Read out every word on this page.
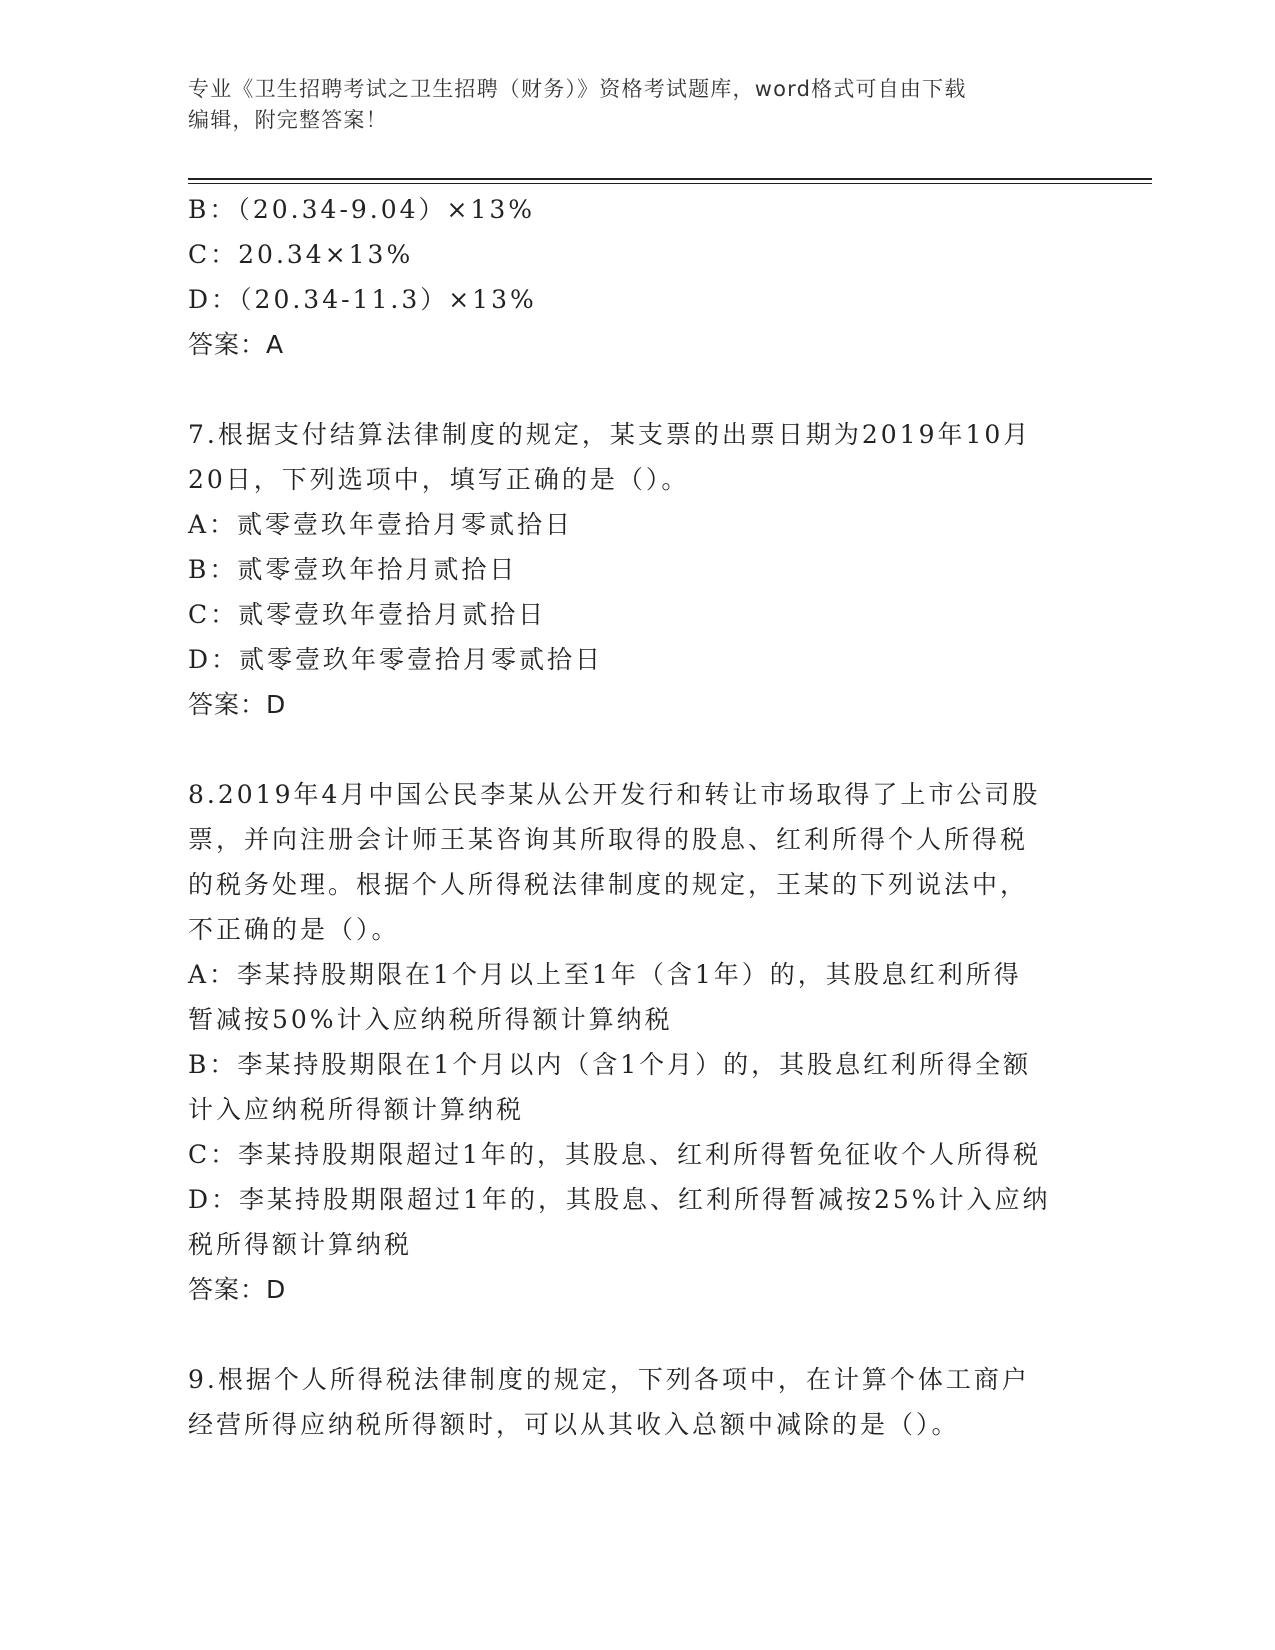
专业《卫生招聘考试之卫生招聘（财务）》资格考试题库，word格式可自由下载
编辑，附完整答案！
B：（20.34-9.04）×13%
C：20.34×13%
D：（20.34-11.3）×13%
答案：A
7.根据支付结算法律制度的规定，某支票的出票日期为2019年10月
20日，下列选项中，填写正确的是（）。
A：贰零壹玖年壹拾月零贰拾日
B：贰零壹玖年拾月贰拾日
C：贰零壹玖年壹拾月贰拾日
D：贰零壹玖年零壹拾月零贰拾日
答案：D
8.2019年4月中国公民李某从公开发行和转让市场取得了上市公司股
票，并向注册会计师王某咨询其所取得的股息、红利所得个人所得税
的税务处理。根据个人所得税法律制度的规定，王某的下列说法中，
不正确的是（）。
A：李某持股期限在1个月以上至1年（含1年）的，其股息红利所得
暂减按50%计入应纳税所得额计算纳税
B：李某持股期限在1个月以内（含1个月）的，其股息红利所得全额
计入应纳税所得额计算纳税
C：李某持股期限超过1年的，其股息、红利所得暂免征收个人所得税
D：李某持股期限超过1年的，其股息、红利所得暂减按25%计入应纳
税所得额计算纳税
答案：D
9.根据个人所得税法律制度的规定，下列各项中，在计算个体工商户
经营所得应纳税所得额时，可以从其收入总额中减除的是（）。
